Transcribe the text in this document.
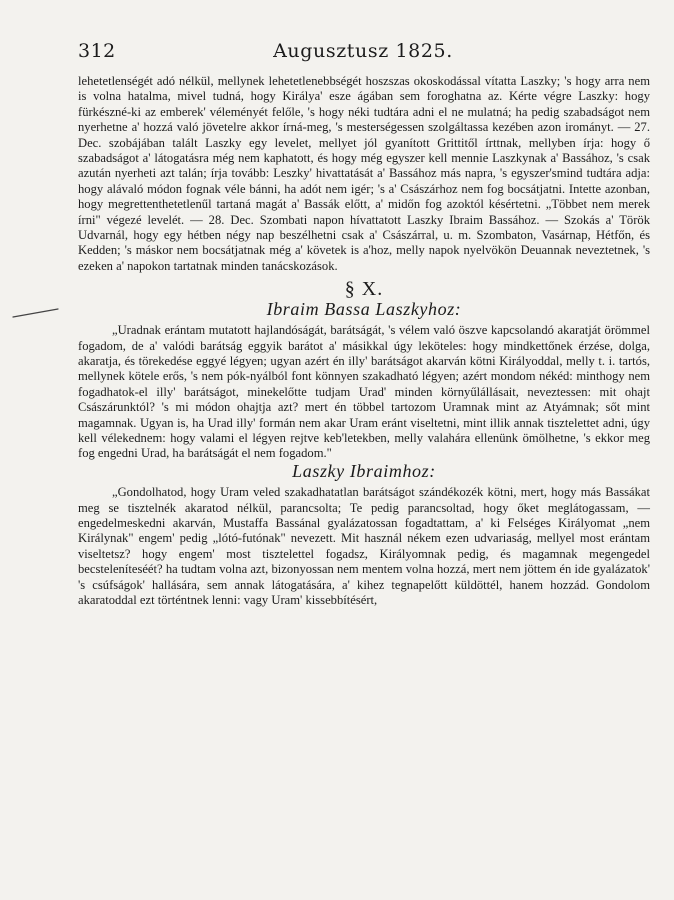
312	Augusztusz 1825.

lehetetlenségét adó nélkül, mellynek lehetetlenebbségét hoszszas okoskodással vítatta Laszky; 's hogy arra nem is volna hatalma, mivel tudná, hogy Királya' esze ágában sem foroghatna az. Kérte végre Laszky: hogy fürkészné-ki az emberek' véleményét felőle, 's hogy néki tudtára adni el ne mulatná; ha pedig szabadságot nem nyerhetne a' hozzá való jövetelre akkor írná-meg, 's mesterségessen szolgáltassa kezében azon irományt. — 27. Dec. szobájában talált Laszky egy levelet, mellyet jól gyanított Grittitől írttnak, mellyben írja: hogy ő szabadságot a' látogatásra még nem kaphatott, és hogy még egyszer kell mennie Laszkynak a' Bassához, 's csak azután nyerheti azt talán; írja tovább: Leszky' hivattatását a' Bassához más napra, 's egyszer'smind tudtára adja: hogy alávaló módon fognak véle bánni, ha adót nem igér; 's a' Császárhoz nem fog bocsátjatni. Intette azonban, hogy megrettenthetetlenűl tartaná magát a' Bassák előtt, a' midőn fog azoktól késértetni. „Többet nem merek írni" végezé levelét. — 28. Dec. Szombati napon hívattatott Laszky Ibraim Bassához. — Szokás a' Török Udvarnál, hogy egy hétben négy nap beszélhetni csak a' Császárral, u. m. Szombaton, Vasárnap, Hétfőn, és Kedden; 's máskor nem bocsátjatnak még a' követek is a'hoz, melly napok nyelvökön Deuannak neveztetnek, 's ezeken a' napokon tartatnak minden tanácskozások.

§ X.
Ibraim Bassa Laszkyhoz:

„Uradnak erántam mutatott hajlandóságát, barátságát, 's vélem való öszve kapcsolandó akaratját örömmel fogadom, de a' valódi barátság eggyik barátot a' másikkal úgy leköteles: hogy mindkettőnek érzése, dolga, akaratja, és törekedése eggyé légyen; ugyan azért én illy' barátságot akarván kötni Királyoddal, melly t. i. tartós, mellynek kötele erős, 's nem pók-nyálból font könnyen szakadható légyen; azért mondom nékéd: minthogy nem fogadhatok-el illy' barátságot, minekelőtte tudjam Urad' minden környűlállásait, neveztessen: mit ohajt Császárunktól? 's mi módon ohajtja azt? mert én többel tartozom Uramnak mint az Atyámnak; sőt mint magamnak. Ugyan is, ha Urad illy' formán nem akar Uram eránt viseltetni, mint illik annak tisztelettet adni, úgy kell vélekednem: hogy valami el légyen rejtve keb'letekben, melly valahára ellenünk ömölhetne, 's ekkor meg fog engedni Urad, ha barátságát el nem fogadom."

Laszky Ibraimhoz:

„Gondolhatod, hogy Uram veled szakadhatatlan barátságot szándékozék kötni, mert, hogy más Bassákat meg se tisztelnék akaratod nélkül, parancsolta; Te pedig parancsoltad, hogy őket meglátogassam, — engedelmeskedni akarván, Mustaffa Bassánal gyalázatossan fogadtattam, a' ki Felséges Királyomat „nem Királynak" engem' pedig „lótó-futónak" nevezett. Mit használ nékem ezen udvariaság, mellyel most erántam viseltetsz? hogy engem' most tisztelettel fogadsz, Királyomnak pedig, és magamnak megengedel becsteleníteséét? ha tudtam volna azt, bizonyossan nem mentem volna hozzá, mert nem jöttem én ide gyalázatok' 's csúfságok' hallására, sem annak látogatására, a' kihez tegnapelőtt küldöttél, hanem hozzád. Gondolom akaratoddal ezt történtnek lenni: vagy Uram' kissebbítésért,
